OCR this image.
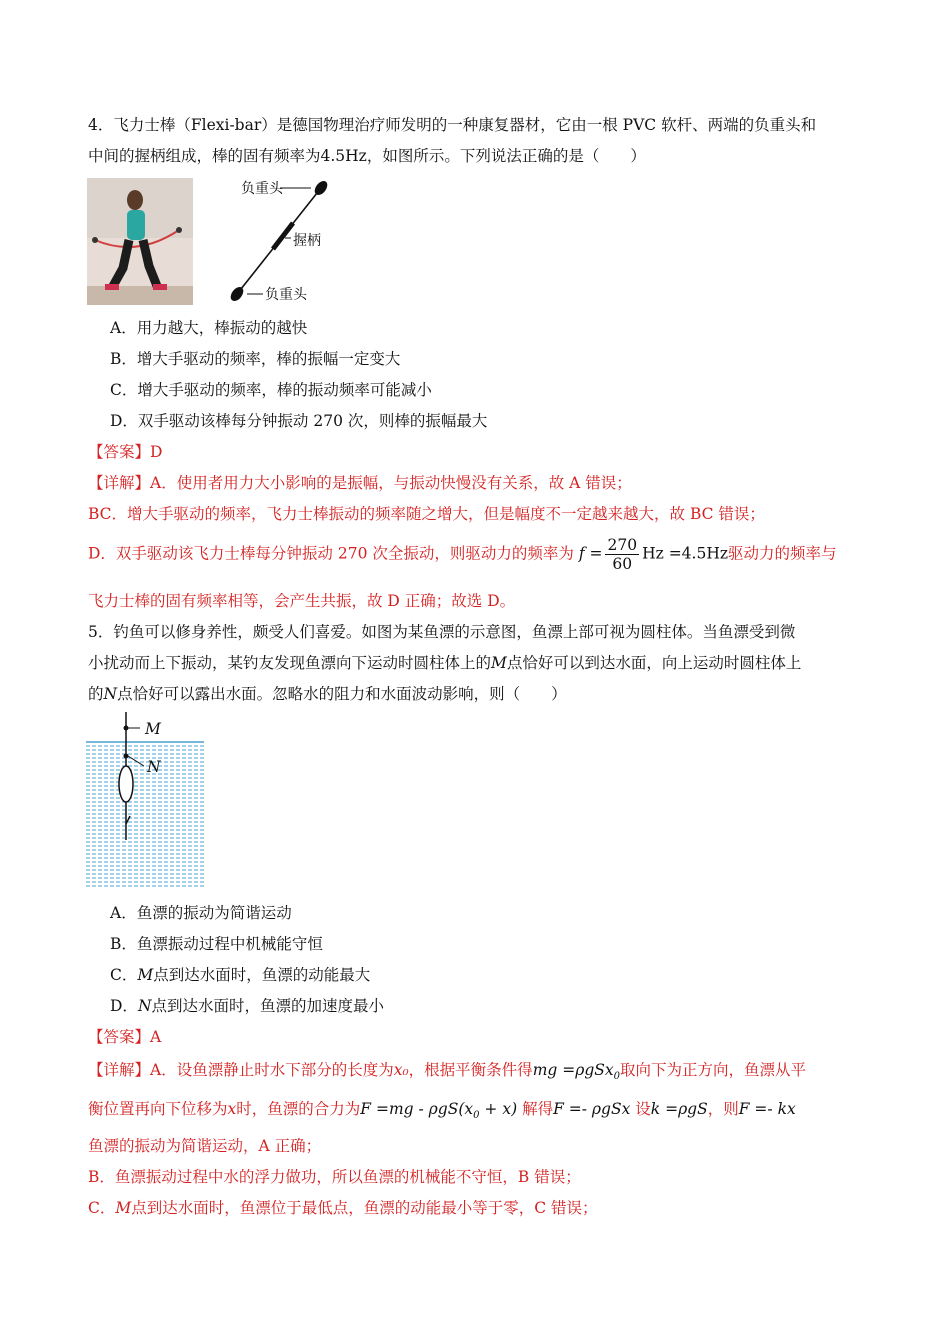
4．飞力士棒（Flexi-bar）是德国物理治疗师发明的一种康复器材，它由一根 PVC 软杆、两端的负重头和
中间的握柄组成，棒的固有频率为4.5Hz，如图所示。下列说法正确的是（　　）
负重头
握柄
负重头
A．用力越大，棒振动的越快
B．增大手驱动的频率，棒的振幅一定变大
C．增大手驱动的频率，棒的振动频率可能减小
D．双手驱动该棒每分钟振动 270 次，则棒的振幅最大
【答案】D
【详解】A．使用者用力大小影响的是振幅，与振动快慢没有关系，故 A 错误；
BC．增大手驱动的频率，飞力士棒振动的频率随之增大，但是幅度不一定越来越大，故 BC 错误；
D．双手驱动该飞力士棒每分钟振动 270 次全振动，则驱动力的频率为 $f = \frac{270}{60}$ Hz =4.5Hz驱动力的频率与
飞力士棒的固有频率相等，会产生共振，故 D 正确；故选 D。
5．钓鱼可以修身养性，颇受人们喜爱。如图为某鱼漂的示意图，鱼漂上部可视为圆柱体。当鱼漂受到微
小扰动而上下振动，某钓友发现鱼漂向下运动时圆柱体上的M点恰好可以到达水面，向上运动时圆柱体上
的N点恰好可以露出水面。忽略水的阻力和水面波动影响，则（　　）
M
N
A．鱼漂的振动为简谐运动
B．鱼漂振动过程中机械能守恒
C．M点到达水面时，鱼漂的动能最大
D．N点到达水面时，鱼漂的加速度最小
【答案】A
【详解】A．设鱼漂静止时水下部分的长度为x₀，根据平衡条件得mg =ρgSx$_0$取向下为正方向，鱼漂从平
衡位置再向下位移为x时，鱼漂的合力为$F =mg - \rho gS(x_0 + x)$ 解得F =- ρgSx 设k =ρgS，则F =- kx
鱼漂的振动为简谐运动，A 正确；
B．鱼漂振动过程中水的浮力做功，所以鱼漂的机械能不守恒，B 错误；
C．M点到达水面时，鱼漂位于最低点，鱼漂的动能最小等于零，C 错误；
